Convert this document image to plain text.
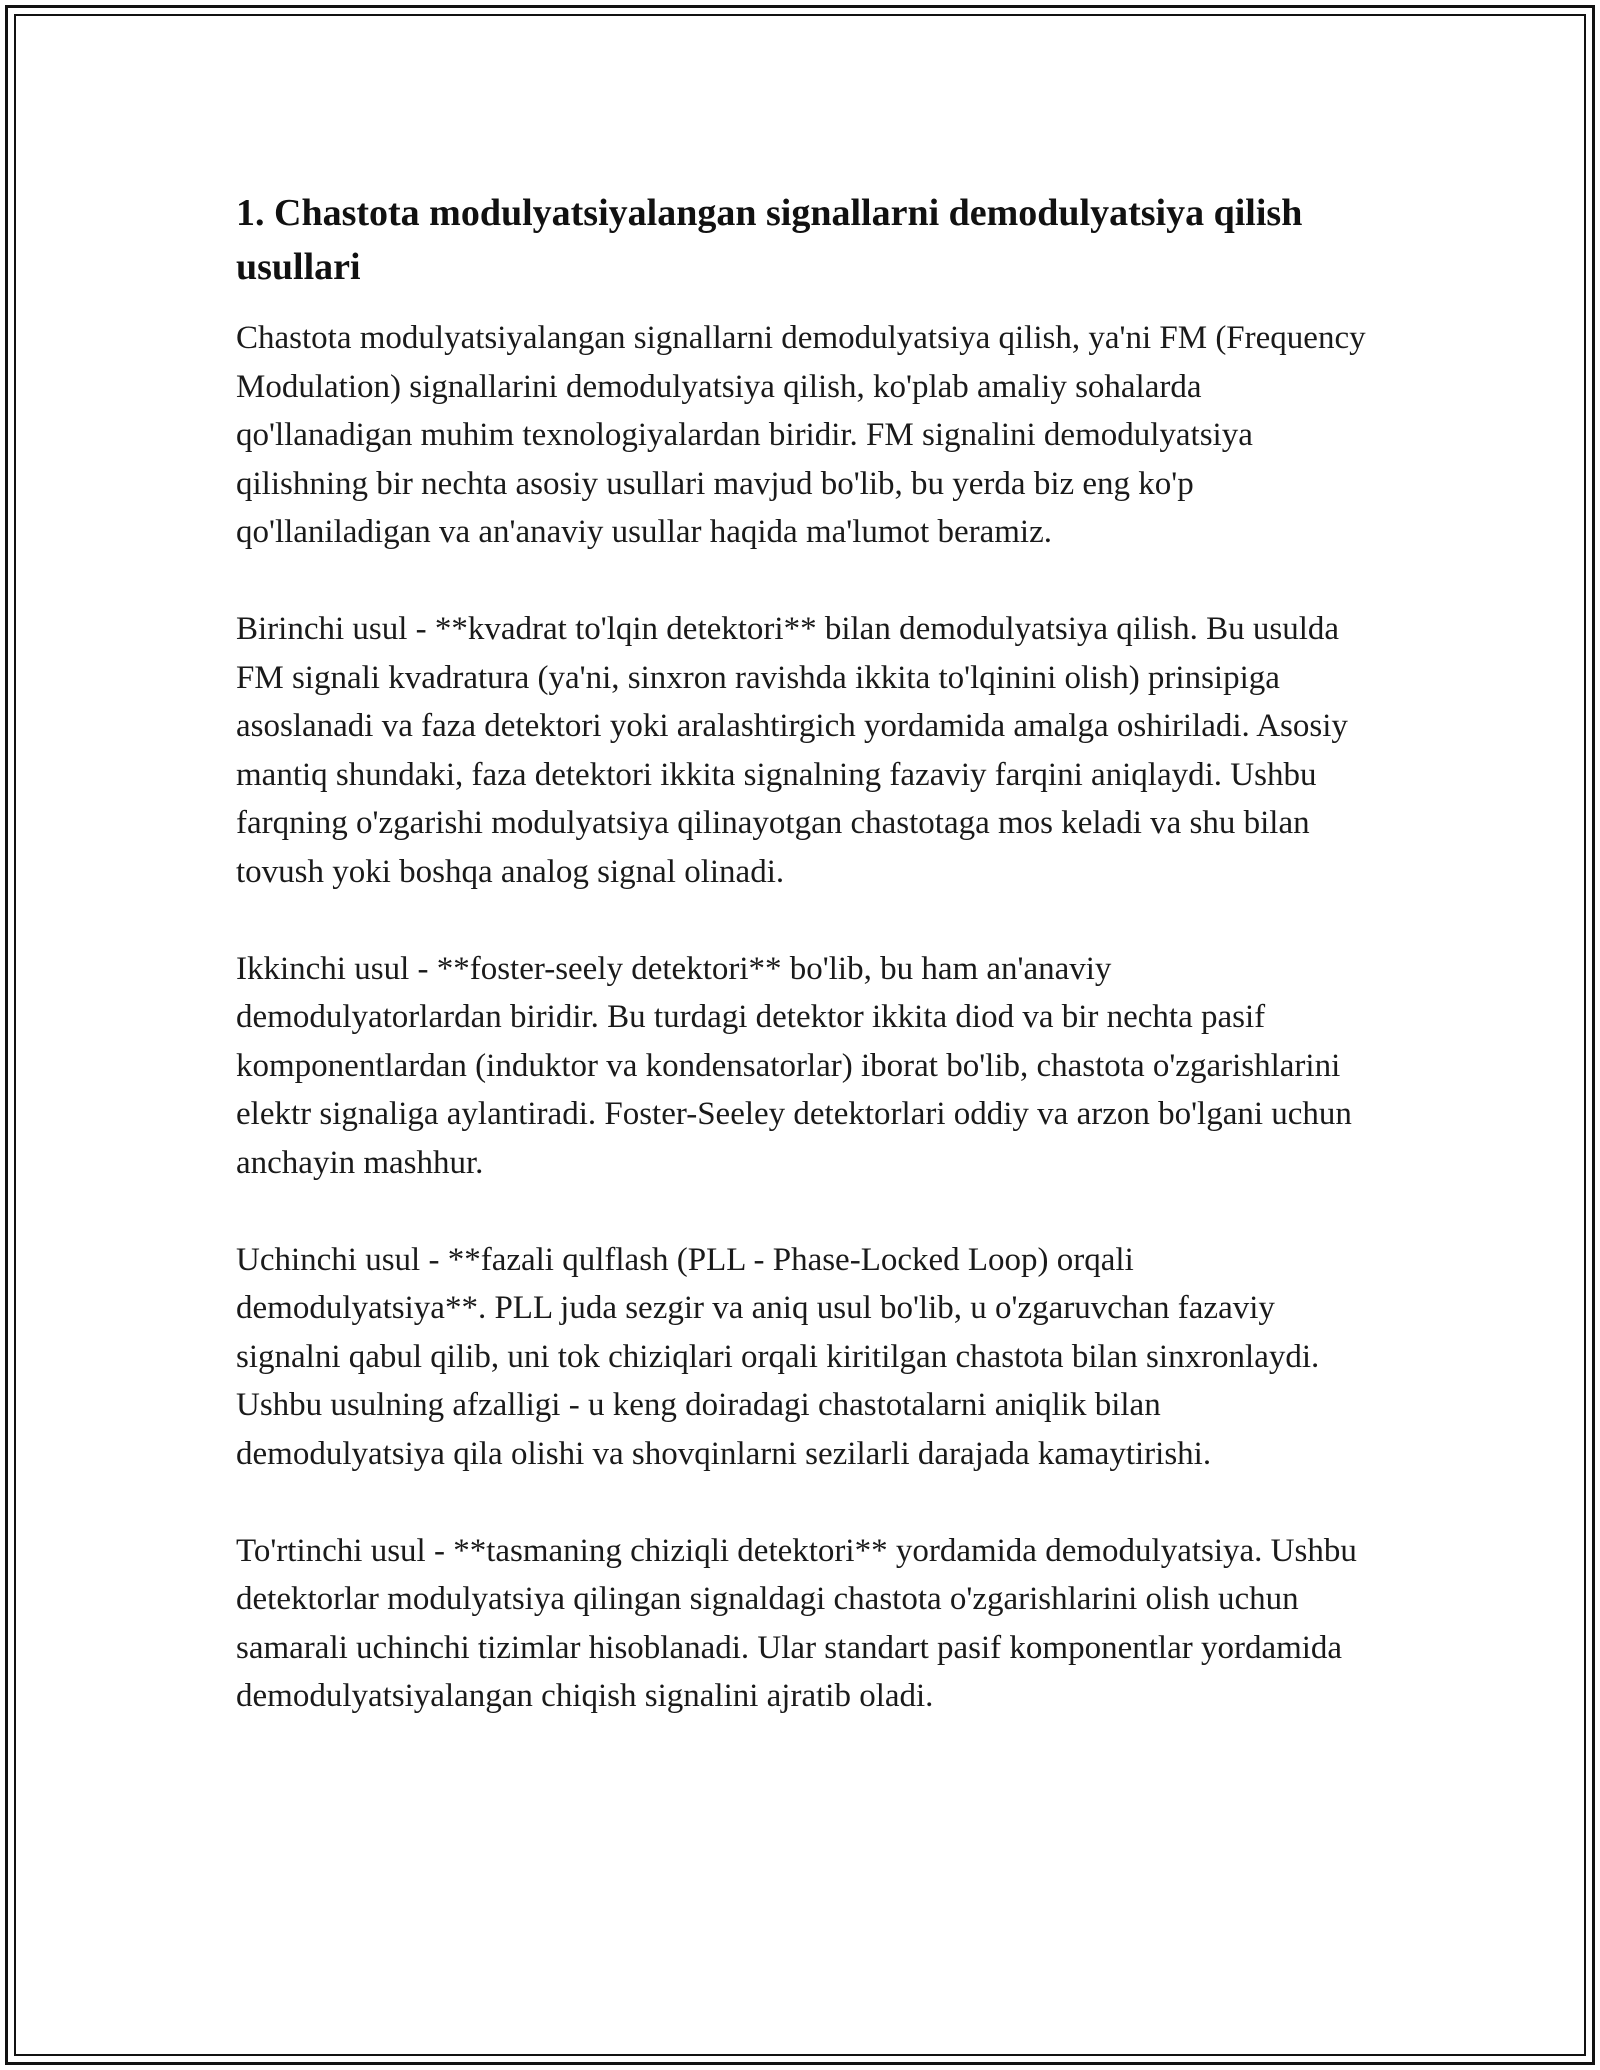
1. Chastota modulyatsiyalangan signallarni demodulyatsiya qilish usullari

Chastota modulyatsiyalangan signallarni demodulyatsiya qilish, ya'ni FM (Frequency Modulation) signallarini demodulyatsiya qilish, ko'plab amaliy sohalarda qo'llanadigan muhim texnologiyalardan biridir. FM signalini demodulyatsiya qilishning bir nechta asosiy usullari mavjud bo'lib, bu yerda biz eng ko'p qo'llaniladigan va an'anaviy usullar haqida ma'lumot beramiz.

Birinchi usul - **kvadrat to'lqin detektori** bilan demodulyatsiya qilish. Bu usulda FM signali kvadratura (ya'ni, sinxron ravishda ikkita to'lqinini olish) prinsipiga asoslanadi va faza detektori yoki aralashtirgich yordamida amalga oshiriladi. Asosiy mantiq shundaki, faza detektori ikkita signalning fazaviy farqini aniqlaydi. Ushbu farqning o'zgarishi modulyatsiya qilinayotgan chastotaga mos keladi va shu bilan tovush yoki boshqa analog signal olinadi.

Ikkinchi usul - **foster-seely detektori** bo'lib, bu ham an'anaviy demodulyatorlardan biridir. Bu turdagi detektor ikkita diod va bir nechta pasif komponentlardan (induktor va kondensatorlar) iborat bo'lib, chastota o'zgarishlarini elektr signaliga aylantiradi. Foster-Seeley detektorlari oddiy va arzon bo'lgani uchun anchayin mashhur.

Uchinchi usul - **fazali qulflash (PLL - Phase-Locked Loop) orqali demodulyatsiya**. PLL juda sezgir va aniq usul bo'lib, u o'zgaruvchan fazaviy signalni qabul qilib, uni tok chiziqlari orqali kiritilgan chastota bilan sinxronlaydi. Ushbu usulning afzalligi - u keng doiradagi chastotalarni aniqlik bilan demodulyatsiya qila olishi va shovqinlarni sezilarli darajada kamaytirishi.

To'rtinchi usul - **tasmaning chiziqli detektori** yordamida demodulyatsiya. Ushbu detektorlar modulyatsiya qilingan signaldagi chastota o'zgarishlarini olish uchun samarali uchinchi tizimlar hisoblanadi. Ular standart pasif komponentlar yordamida demodulyatsiyalangan chiqish signalini ajratib oladi.
